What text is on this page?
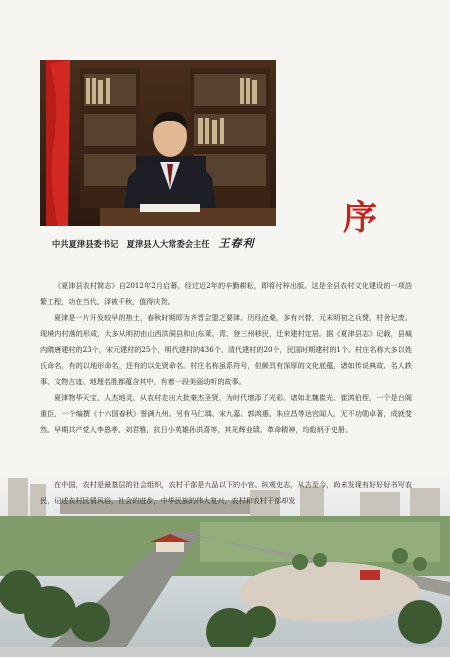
中共夏津县委书记　夏津县人大常委会主任 王春利
序

《夏津县农村简志》自2012年2月启幕，经过近2年的辛勤耕耘，即将付梓出版。这是全县农村文化建设的一项浩繁工程，功在当代、泽被千秋，值得庆贺。

夏津是一片开发较早的热土，春秋时期即为齐晋会盟之要津。历经沧桑，多有兴替，元末明初之兵燹，村舍圮废。现境内村落的形成，大多从明初由山西洪洞县和山东莱、青、登三州移民，迁来建村定居。据《夏津县志》记载，县城内隋唐建村的23个，宋元建村的25个，明代建村的436个，清代建村的20个，民国时期建村的1个。村庄名称大多以姓氏命名，有的以地形命名，还有的以先贤命名。村庄名称虽系符号，但颇具有深厚的文化底蕴，诸如传说典故、名人轶事、文物古迹、地理名胜都蕴含其中，有着一段美丽动听的故事。

夏津物华天宝，人杰地灵，从农村走出大批豪杰圣贤，为时代增添了光彩。诸如北魏崔光、崔鸿伯侄，一个是台阁重臣，一个编撰《十六国春秋》誉满九州。另有马仁瑀、宋九嘉、郭鸿惠、朱应昌等达官闻人，无不功勋卓著，成就斐然。早期共产党人李恩孝、刘君雅，抗日小英雄孙洪喜等，其光辉业绩、革命精神，均彪炳于史册。

在中国，农村是最基层的社会组织，农村干部是九品以下的小官。纵观史志，从古至今，尚未发现有好好好书写农民，记述农村民情风俗，社会的进步，中华民族的伟大复兴，农村和农村干部却发
